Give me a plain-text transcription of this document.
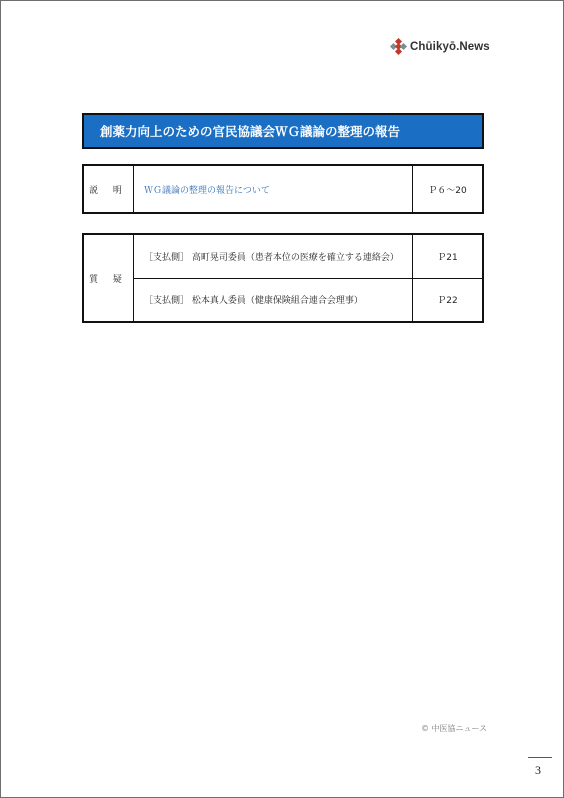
Chūikyō.News
創薬力向上のための官民協議会ＷＧ議論の整理の報告
説 明	ＷＧ議論の整理の報告について	Ｐ６〜20
質 疑	［支払側］ 高町晃司委員（患者本位の医療を確立する連絡会）	Ｐ21
	［支払側］ 松本真人委員（健康保険組合連合会理事）	Ｐ22
© 中医協ニュース
3
